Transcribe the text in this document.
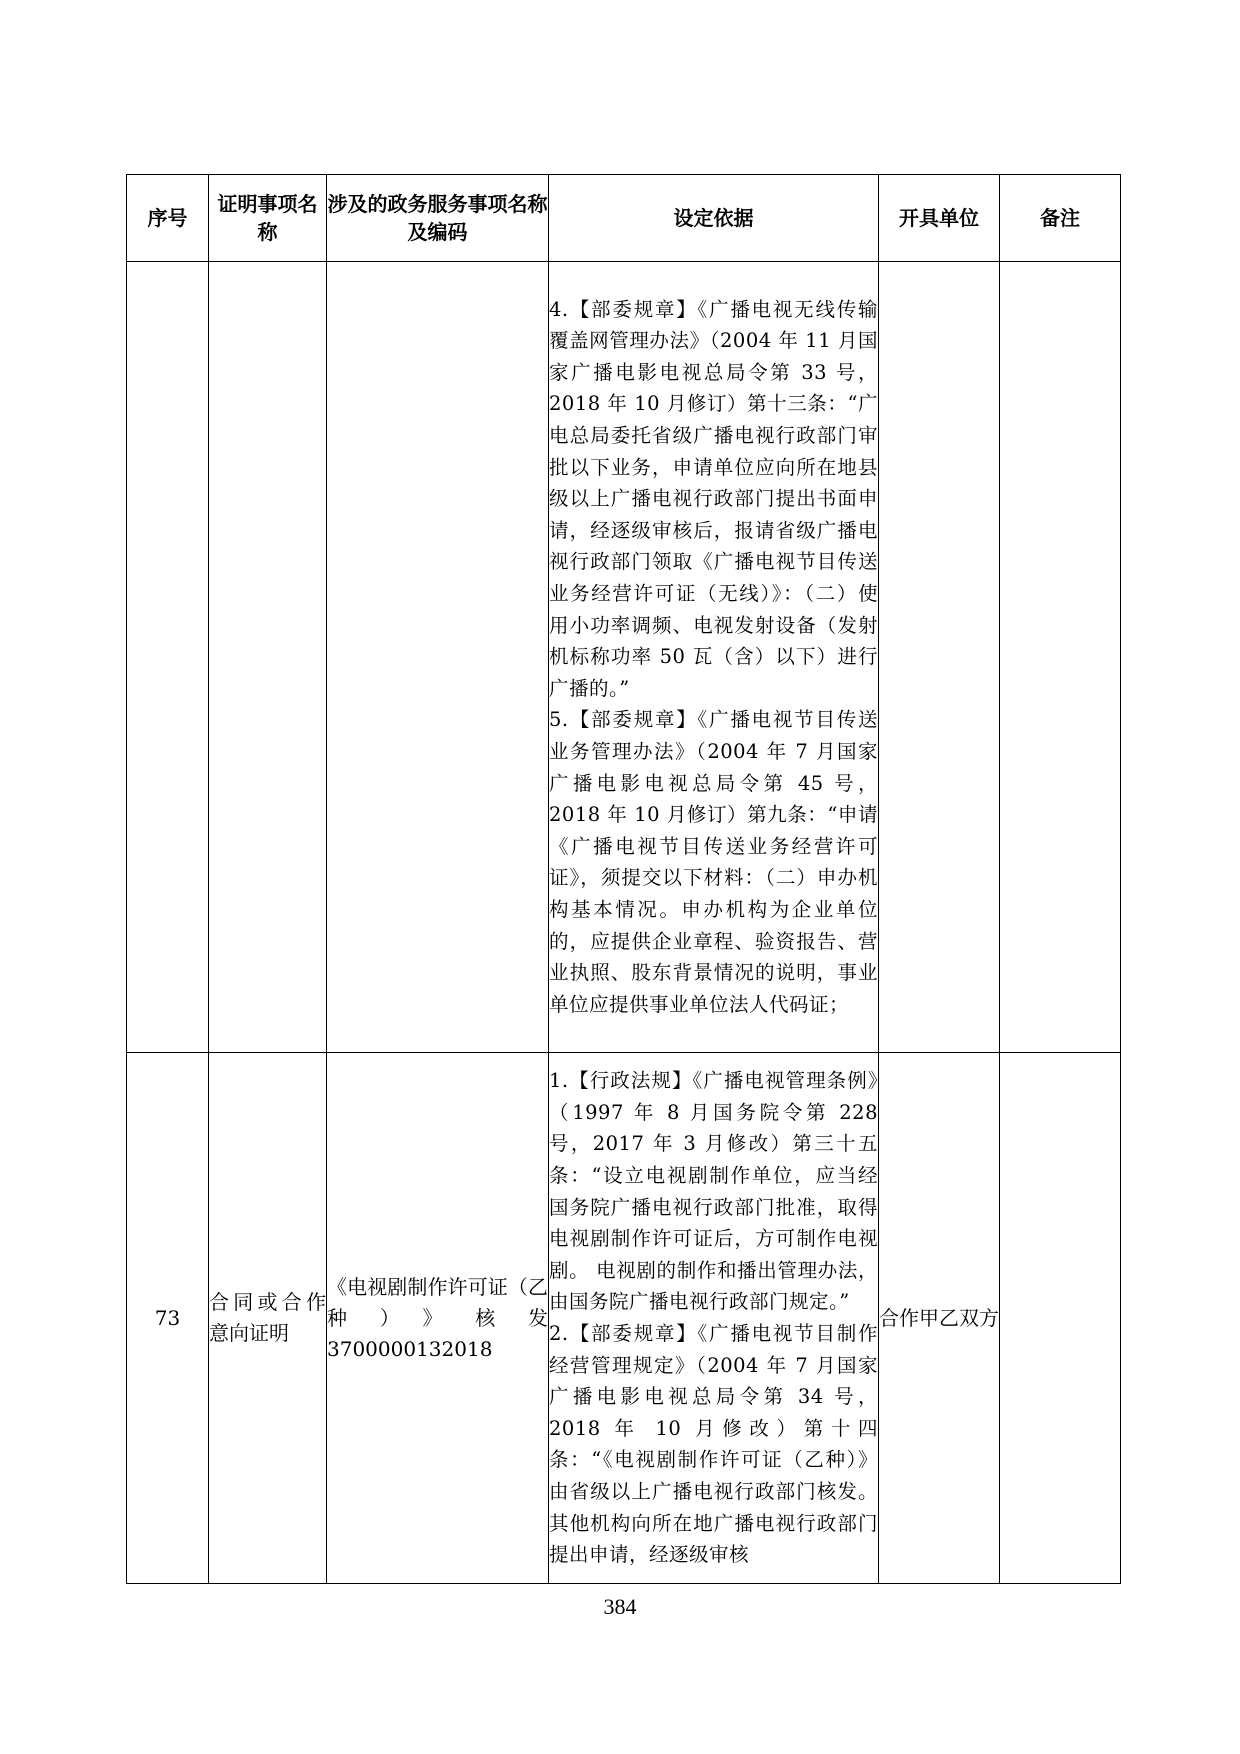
序号	证明事项名称	涉及的政务服务事项名称及编码	设定依据	开具单位	备注

			4.【部委规章】《广播电视无线传输覆盖网管理办法》（2004 年 11 月国家广播电影电视总局令第 33 号，2018 年 10 月修订）第十三条：“广电总局委托省级广播电视行政部门审批以下业务，申请单位应向所在地县级以上广播电视行政部门提出书面申请，经逐级审核后，报请省级广播电视行政部门领取《广播电视节目传送业务经营许可证（无线）》：（二）使用小功率调频、电视发射设备（发射机标称功率 50 瓦（含）以下）进行广播的。”

5.【部委规章】《广播电视节目传送业务管理办法》（2004 年 7 月国家广播电影电视总局令第 45 号，2018 年 10 月修订）第九条：“申请《广播电视节目传送业务经营许可证》，须提交以下材料：（二）申办机构基本情况。申办机构为企业单位的，应提供企业章程、验资报告、营业执照、股东背景情况的说明，事业单位应提供事业单位法人代码证；		

73	合同或合作意向证明	《电视剧制作许可证（乙种）》核发 3700000132018	1.【行政法规】《广播电视管理条例》（1997 年 8 月国务院令第 228 号，2017 年 3 月修改）第三十五条：“设立电视剧制作单位，应当经国务院广播电视行政部门批准，取得电视剧制作许可证后，方可制作电视剧。 电视剧的制作和播出管理办法，由国务院广播电视行政部门规定。”

2.【部委规章】《广播电视节目制作经营管理规定》（2004 年 7 月国家广播电影电视总局令第 34 号，2018 年 10 月修改）第十四条：“《电视剧制作许可证（乙种）》由省级以上广播电视行政部门核发。其他机构向所在地广播电视行政部门提出申请，经逐级审核	合作甲乙双方	
384
